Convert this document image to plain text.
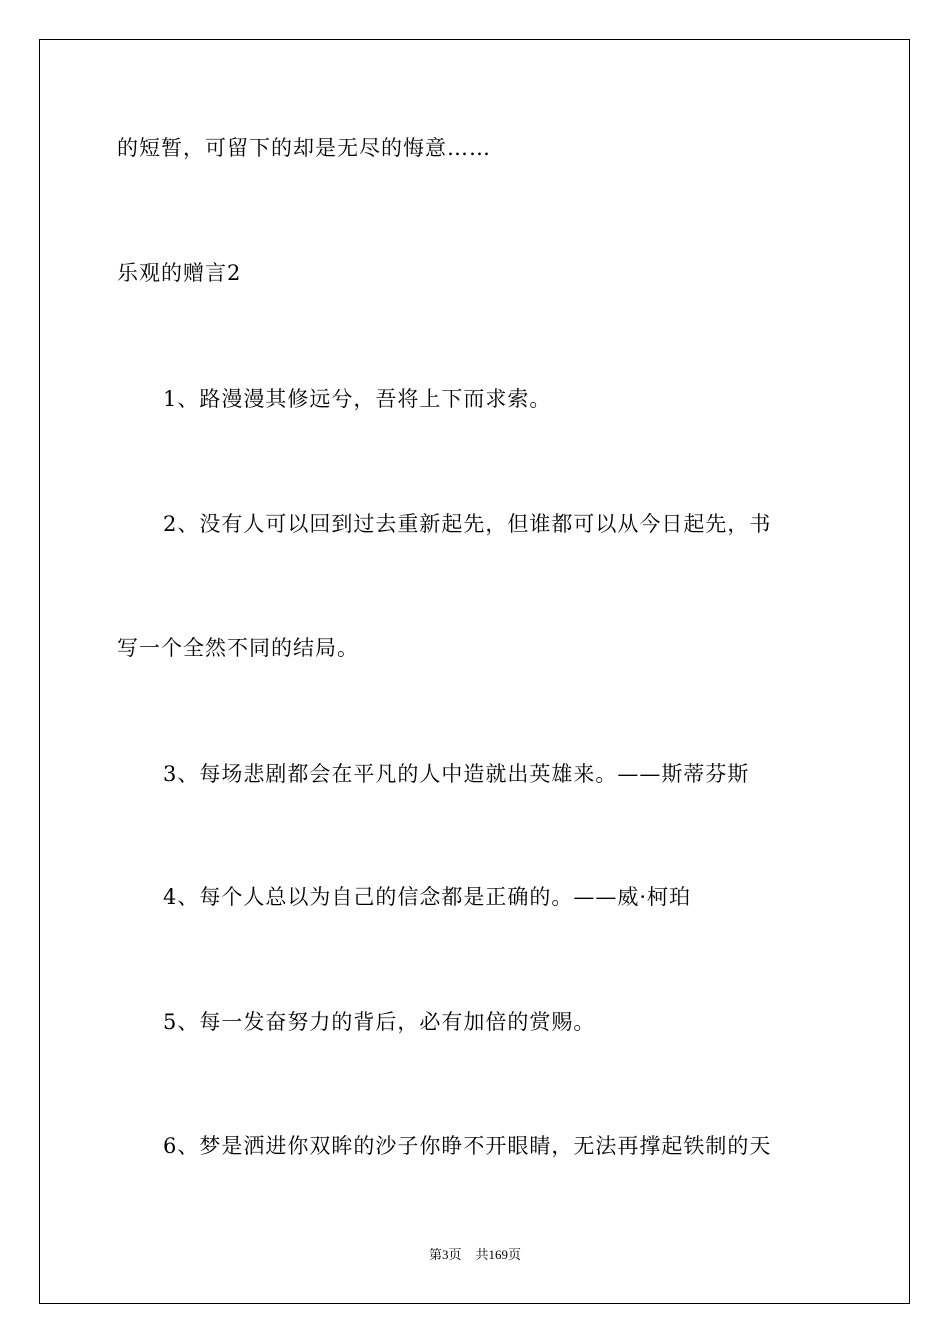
的短暂，可留下的却是无尽的悔意……
乐观的赠言2
1、路漫漫其修远兮，吾将上下而求索。
2、没有人可以回到过去重新起先，但谁都可以从今日起先，书
写一个全然不同的结局。
3、每场悲剧都会在平凡的人中造就出英雄来。——斯蒂芬斯
4、每个人总以为自己的信念都是正确的。——威·柯珀
5、每一发奋努力的背后，必有加倍的赏赐。
6、梦是洒进你双眸的沙子你睁不开眼睛，无法再撑起铁制的天
第3页 共169页
